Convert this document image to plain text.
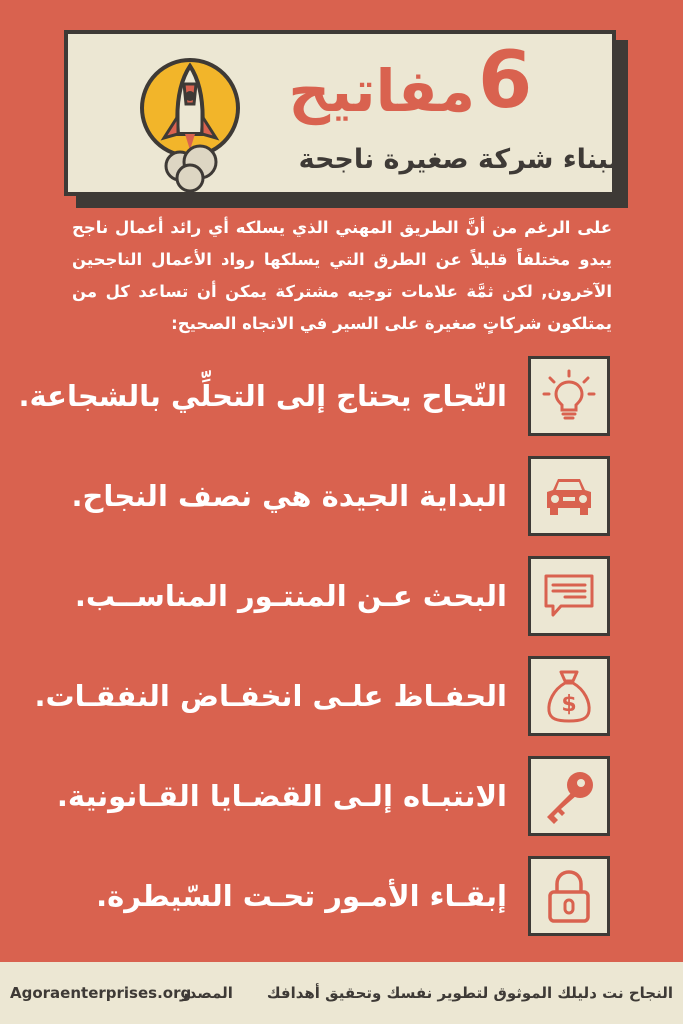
6
مفاتيح
لبناء شركة صغيرة ناجحة
على الرغم من أنَّ الطريق المهني الذي يسلكه أي رائد أعمال ناجح يبدو مختلفاً قليلاً عن الطرق التي يسلكها رواد الأعمال الناجحين الآخرون, لكن ثمَّة علامات توجيه مشتركة يمكن أن تساعد كل من يمتلكون شركاتٍ صغيرة على السير في الاتجاه الصحيح:
النّجاح يحتاج إلى التحلِّي بالشجاعة.
البداية الجيدة هي نصف النجاح.
البحث عـن المنتـور المناســب.
الحفـاظ علـى انخفـاض النفقـات. $
الانتبـاه إلـى القضـايا القـانونية.
إبقـاء الأمـور تحـت السّيطرة.
Agoraenterprises.org
المصدر النجاح نت دليلك الموثوق لتطوير نفسك وتحقيق أهدافك
